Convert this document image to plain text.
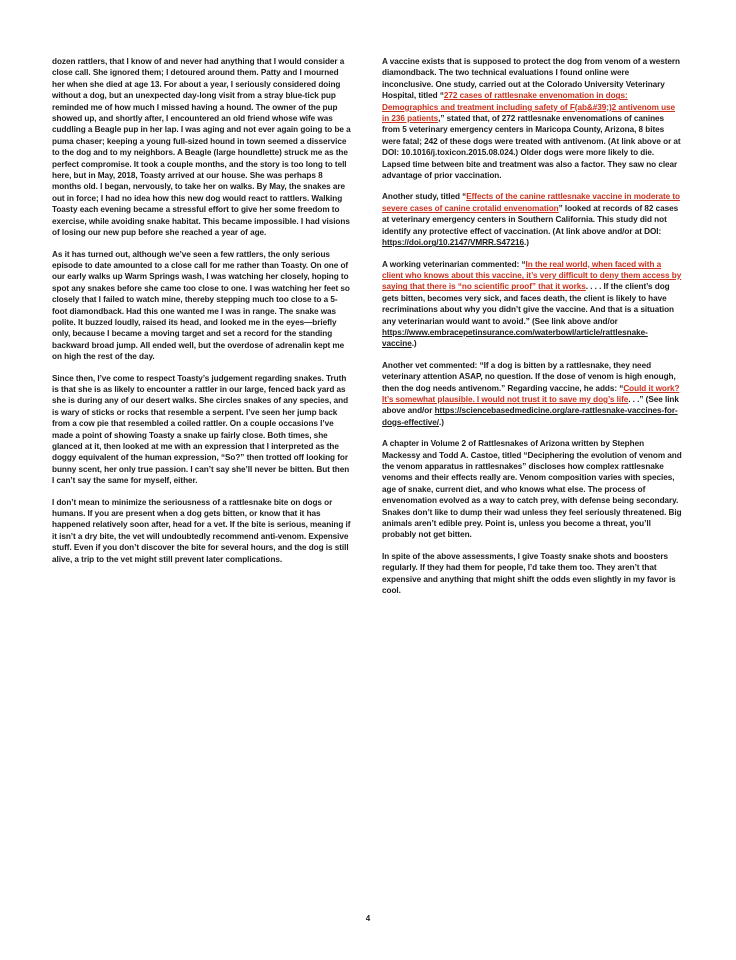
dozen rattlers, that I know of and never had anything that I would consider a close call. She ignored them; I detoured around them. Patty and I mourned her when she died at age 13. For about a year, I seriously considered doing without a dog, but an unexpected day-long visit from a stray blue-tick pup reminded me of how much I missed having a hound. The owner of the pup showed up, and shortly after, I encountered an old friend whose wife was cuddling a Beagle pup in her lap. I was aging and not ever again going to be a puma chaser; keeping a young full-sized hound in town seemed a disservice to the dog and to my neighbors. A Beagle (large houndlette) struck me as the perfect compromise. It took a couple months, and the story is too long to tell here, but in May, 2018, Toasty arrived at our house. She was perhaps 8 months old. I began, nervously, to take her on walks. By May, the snakes are out in force; I had no idea how this new dog would react to rattlers. Walking Toasty each evening became a stressful effort to give her some freedom to exercise, while avoiding snake habitat. This became impossible. I had visions of losing our new pup before she reached a year of age.

As it has turned out, although we’ve seen a few rattlers, the only serious episode to date amounted to a close call for me rather than Toasty. On one of our early walks up Warm Springs wash, I was watching her closely, hoping to spot any snakes before she came too close to one. I was watching her feet so closely that I failed to watch mine, thereby stepping much too close to a 5-foot diamondback. Had this one wanted me I was in range. The snake was polite. It buzzed loudly, raised its head, and looked me in the eyes—briefly only, because I became a moving target and set a record for the standing backward broad jump. All ended well, but the overdose of adrenalin kept me on high the rest of the day.

Since then, I’ve come to respect Toasty’s judgement regarding snakes. Truth is that she is as likely to encounter a rattler in our large, fenced back yard as she is during any of our desert walks. She circles snakes of any species, and is wary of sticks or rocks that resemble a serpent. I’ve seen her jump back from a cow pie that resembled a coiled rattler. On a couple occasions I’ve made a point of showing Toasty a snake up fairly close. Both times, she glanced at it, then looked at me with an expression that I interpreted as the doggy equivalent of the human expression, “So?” then trotted off looking for bunny scent, her only true passion. I can’t say she’ll never be bitten. But then I can’t say the same for myself, either.

I don’t mean to minimize the seriousness of a rattlesnake bite on dogs or humans. If you are present when a dog gets bitten, or know that it has happened relatively soon after, head for a vet. If the bite is serious, meaning if it isn’t a dry bite, the vet will undoubtedly recommend anti-venom. Expensive stuff. Even if you don’t discover the bite for several hours, and the dog is still alive, a trip to the vet might still prevent later complications.

A vaccine exists that is supposed to protect the dog from venom of a western diamondback. The two technical evaluations I found online were inconclusive. One study, carried out at the Colorado University Veterinary Hospital, titled “272 cases of rattlesnake envenomation in dogs: Demographics and treatment including safety of F(ab&#39;)2 antivenom use in 236 patients,” stated that, of 272 rattlesnake envenomations of canines from 5 veterinary emergency centers in Maricopa County, Arizona, 8 bites were fatal; 242 of these dogs were treated with antivenom. (At link above or at DOI: 10.1016/j.toxicon.2015.08.024.) Older dogs were more likely to die. Lapsed time between bite and treatment was also a factor. They saw no clear advantage of prior vaccination.

Another study, titled “Effects of the canine rattlesnake vaccine in moderate to severe cases of canine crotalid envenomation” looked at records of 82 cases at veterinary emergency centers in Southern California. This study did not identify any protective effect of vaccination. (At link above and/or at DOI: https://doi.org/10.2147/VMRR.S47216.)

A working veterinarian commented: “In the real world, when faced with a client who knows about this vaccine, it’s very difficult to deny them access by saying that there is “no scientific proof” that it works. . . . If the client’s dog gets bitten, becomes very sick, and faces death, the client is likely to have recriminations about why you didn’t give the vaccine. And that is a situation any veterinarian would want to avoid.” (See link above and/or https://www.embracepetinsurance.com/waterbowl/article/rattlesnake-vaccine.)

Another vet commented: “If a dog is bitten by a rattlesnake, they need veterinary attention ASAP, no question. If the dose of venom is high enough, then the dog needs antivenom.” Regarding vaccine, he adds: “Could it work? It’s somewhat plausible. I would not trust it to save my dog’s life. . .” (See link above and/or https://sciencebasedmedicine.org/are-rattlesnake-vaccines-for-dogs-effective/.)

A chapter in Volume 2 of Rattlesnakes of Arizona written by Stephen Mackessy and Todd A. Castoe, titled “Deciphering the evolution of venom and the venom apparatus in rattlesnakes” discloses how complex rattlesnake venoms and their effects really are. Venom composition varies with species, age of snake, current diet, and who knows what else. The process of envenomation evolved as a way to catch prey, with defense being secondary. Snakes don’t like to dump their wad unless they feel seriously threatened. Big animals aren’t edible prey. Point is, unless you become a threat, you’ll probably not get bitten.

In spite of the above assessments, I give Toasty snake shots and boosters regularly. If they had them for people, I’d take them too. They aren’t that expensive and anything that might shift the odds even slightly in my favor is cool.

4
